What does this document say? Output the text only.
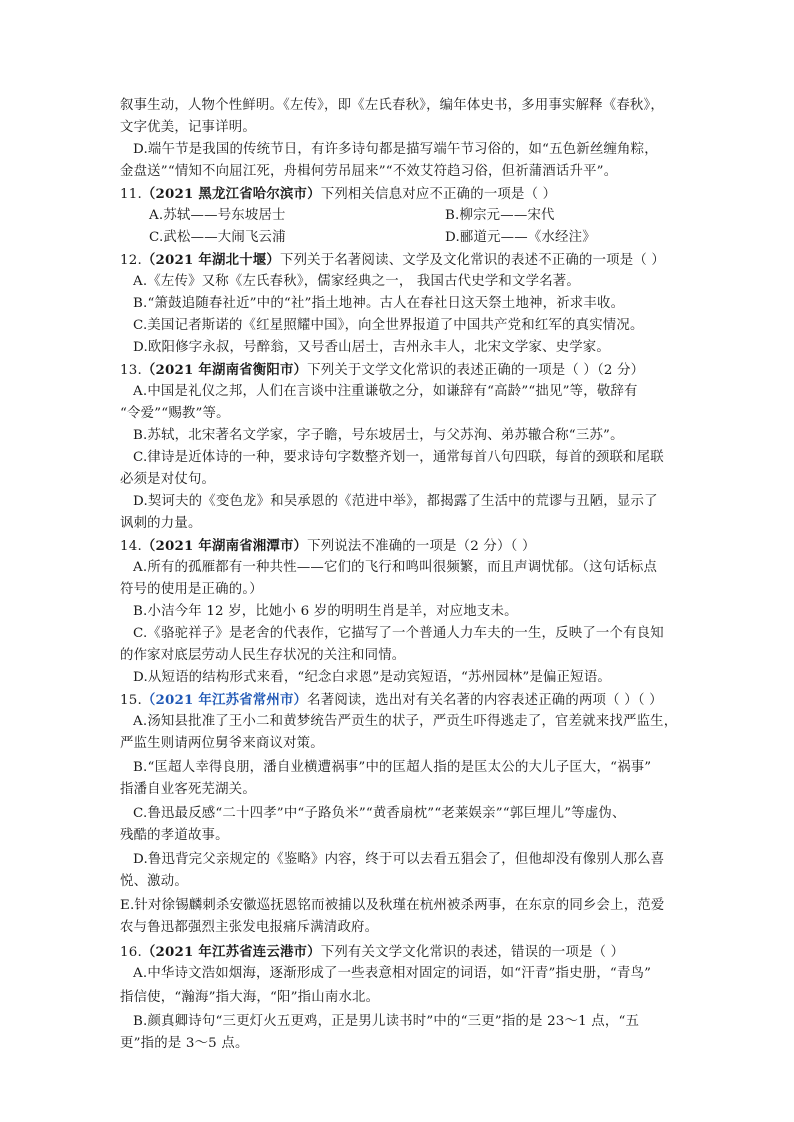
叙事生动，人物个性鲜明。《左传》，即《左氏春秋》，编年体史书，多用事实解释《春秋》，
文字优美，记事详明。
D.端午节是我国的传统节日，有许多诗句都是描写端午节习俗的，如“五色新丝缠角粽，
金盘送”“情知不向屈江死，舟楫何劳吊屈来”“不效艾符趋习俗，但祈蒲酒话升平”。
11.（2021 黑龙江省哈尔滨市）下列相关信息对应不正确的一项是（ ）
A.苏轼——号东坡居士	B.柳宗元——宋代
C.武松——大闹飞云浦	D.郦道元——《水经注》
12.（2021 年湖北十堰）下列关于名著阅读、文学及文化常识的表述不正确的一项是（ ）
A.《左传》又称《左氏春秋》，儒家经典之一， 我国古代史学和文学名著。
B.“箫鼓追随春社近”中的“社”指土地神。古人在春社日这天祭土地神，祈求丰收。
C.美国记者斯诺的《红星照耀中国》，向全世界报道了中国共产党和红军的真实情况。
D.欧阳修字永叔，号醉翁，又号香山居士，吉州永丰人，北宋文学家、史学家。
13.（2021 年湖南省衡阳市）下列关于文学文化常识的表述正确的一项是（ ）（2 分）
A.中国是礼仪之邦，人们在言谈中注重谦敬之分，如谦辞有“高龄”“拙见”等，敬辞有
“令爱”“赐教”等。
B.苏轼，北宋著名文学家，字子瞻，号东坡居士，与父苏洵、弟苏辙合称“三苏”。
C.律诗是近体诗的一种，要求诗句字数整齐划一，通常每首八句四联，每首的颈联和尾联
必须是对仗句。
D.契诃夫的《变色龙》和吴承恩的《范进中举》，都揭露了生活中的荒谬与丑陋，显示了
讽刺的力量。
14.（2021 年湖南省湘潭市）下列说法不准确的一项是（2 分）（ ）
A.所有的孤雁都有一种共性——它们的飞行和鸣叫很频繁，而且声调忧郁。（这句话标点
符号的使用是正确的。）
B.小洁今年 12 岁，比她小 6 岁的明明生肖是羊，对应地支未。
C.《骆驼祥子》是老舍的代表作，它描写了一个普通人力车夫的一生，反映了一个有良知
的作家对底层劳动人民生存状况的关注和同情。
D.从短语的结构形式来看，“纪念白求恩”是动宾短语，“苏州园林”是偏正短语。
15.（2021 年江苏省常州市）名著阅读，选出对有关名著的内容表述正确的两项（ ）（ ）
A.汤知县批准了王小二和黄梦统告严贡生的状子，严贡生吓得逃走了，官差就来找严监生，
严监生则请两位舅爷来商议对策。
B.“匡超人幸得良朋，潘自业横遭祸事”中的匡超人指的是匡太公的大儿子匡大，“祸事”
指潘自业客死芜湖关。
C.鲁迅最反感“二十四孝”中“子路负米”“黄香扇枕”“老莱娱亲”“郭巨埋儿”等虚伪、
残酷的孝道故事。
D.鲁迅背完父亲规定的《鉴略》内容，终于可以去看五猖会了，但他却没有像别人那么喜
悦、激动。
E.针对徐锡麟刺杀安徽巡抚恩铭而被捕以及秋瑾在杭州被杀两事，在东京的同乡会上，范爱
农与鲁迅都强烈主张发电报痛斥满清政府。
16.（2021 年江苏省连云港市）下列有关文学文化常识的表述，错误的一项是（ ）
A.中华诗文浩如烟海，逐渐形成了一些表意相对固定的词语，如“汗青”指史册，“青鸟”
指信使，“瀚海”指大海，“阳”指山南水北。
B.颜真卿诗句“三更灯火五更鸡，正是男儿读书时”中的“三更”指的是 23～1 点，“五
更”指的是 3～5 点。
